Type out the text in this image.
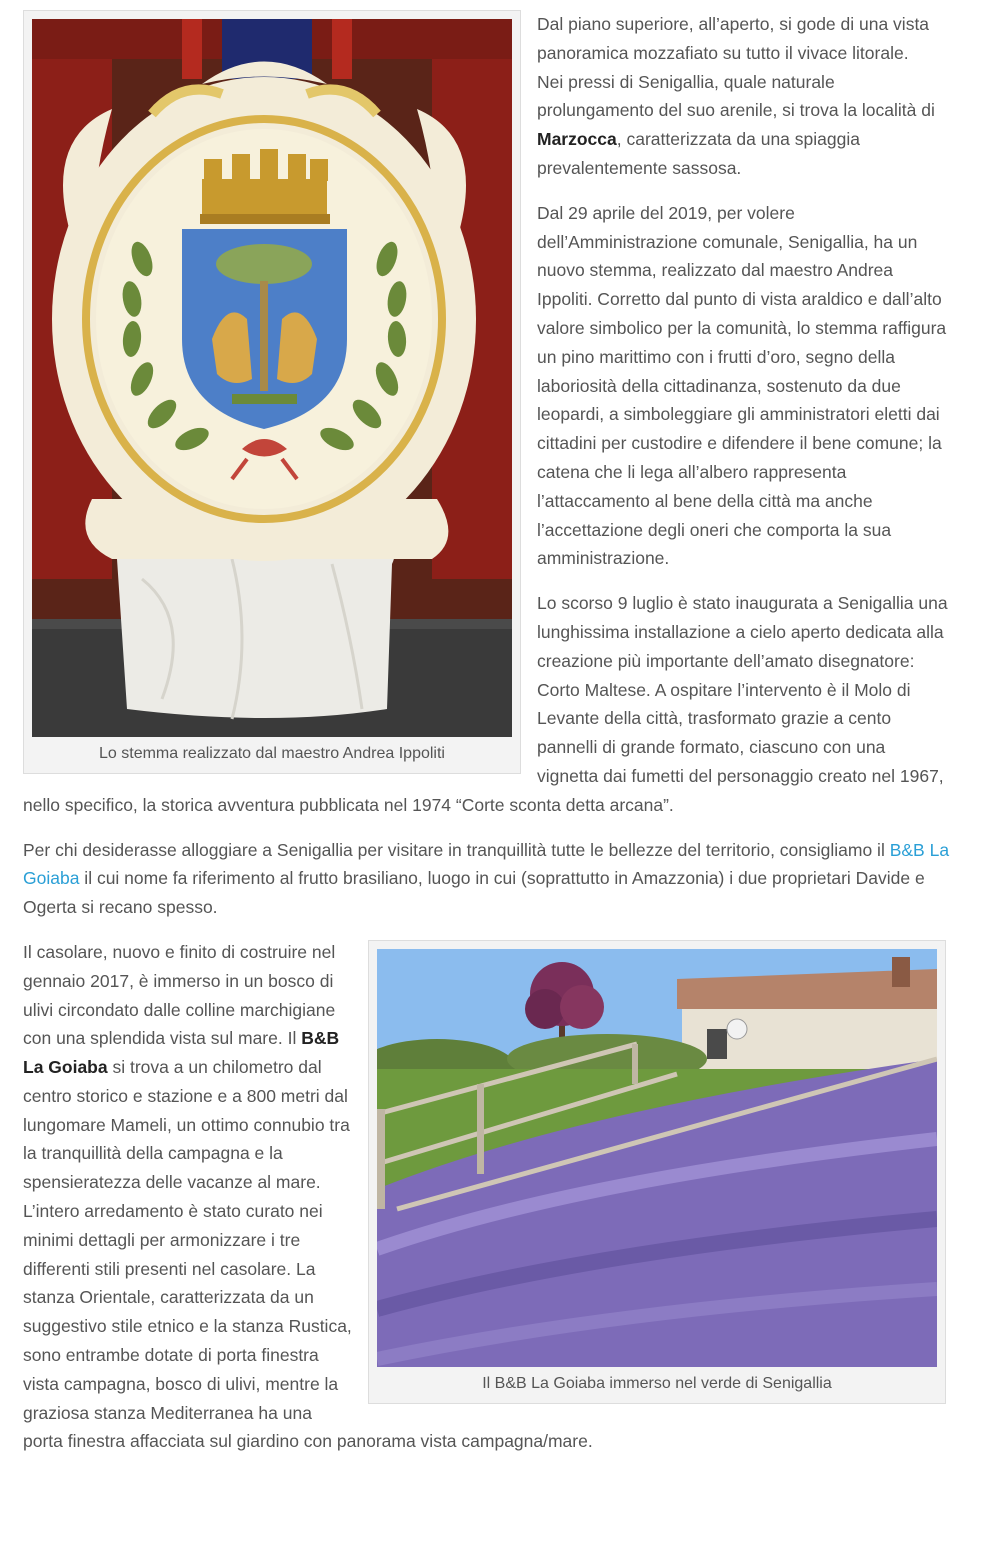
Lo stemma realizzato dal maestro Andrea Ippoliti

Dal piano superiore, all’aperto, si gode di una vista panoramica mozzafiato su tutto il vivace litorale.
Nei pressi di Senigallia, quale naturale prolungamento del suo arenile, si trova la località di Marzocca, caratterizzata da una spiaggia prevalentemente sassosa.

Dal 29 aprile del 2019, per volere dell’Amministrazione comunale, Senigallia, ha un nuovo stemma, realizzato dal maestro Andrea Ippoliti. Corretto dal punto di vista araldico e dall’alto valore simbolico per la comunità, lo stemma raffigura un pino marittimo con i frutti d’oro, segno della laboriosità della cittadinanza, sostenuto da due leopardi, a simboleggiare gli amministratori eletti dai cittadini per custodire e difendere il bene comune; la catena che li lega all’albero rappresenta l’attaccamento al bene della città ma anche l’accettazione degli oneri che comporta la sua amministrazione.

Lo scorso 9 luglio è stato inaugurata a Senigallia una lunghissima installazione a cielo aperto dedicata alla creazione più importante dell’amato disegnatore: Corto Maltese. A ospitare l’intervento è il Molo di Levante della città, trasformato grazie a cento pannelli di grande formato, ciascuno con una vignetta dai fumetti del personaggio creato nel 1967, nello specifico, la storica avventura pubblicata nel 1974 “Corte sconta detta arcana”.

Per chi desiderasse alloggiare a Senigallia per visitare in tranquillità tutte le bellezze del territorio, consigliamo il B&B La Goiaba il cui nome fa riferimento al frutto brasiliano, luogo in cui (soprattutto in Amazzonia) i due proprietari Davide e Ogerta si recano spesso.

Il B&B La Goiaba immerso nel verde di Senigallia

Il casolare, nuovo e finito di costruire nel gennaio 2017, è immerso in un bosco di ulivi circondato dalle colline marchigiane con una splendida vista sul mare. Il B&B La Goiaba si trova a un chilometro dal centro storico e stazione e a 800 metri dal lungomare Mameli, un ottimo connubio tra la tranquillità della campagna e la spensieratezza delle vacanze al mare. L’intero arredamento è stato curato nei minimi dettagli per armonizzare i tre differenti stili presenti nel casolare. La stanza Orientale, caratterizzata da un suggestivo stile etnico e la stanza Rustica, sono entrambe dotate di porta finestra vista campagna, bosco di ulivi, mentre la graziosa stanza Mediterranea ha una porta finestra affacciata sul giardino con panorama vista campagna/mare.
